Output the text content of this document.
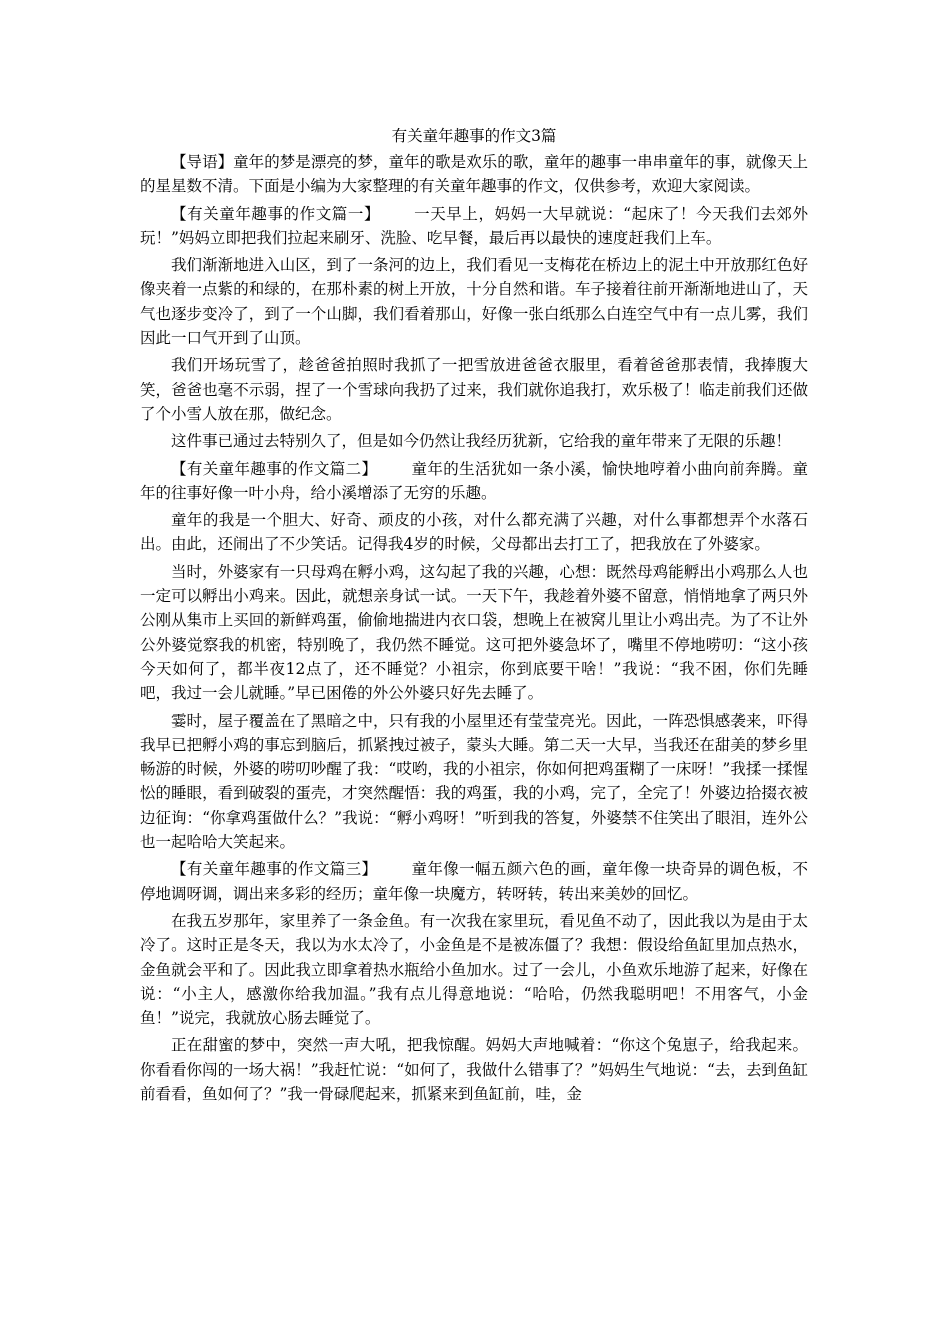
有关童年趣事的作文3篇

【导语】童年的梦是漂亮的梦，童年的歌是欢乐的歌，童年的趣事一串串童年的事，就像天上的星星数不清。下面是小编为大家整理的有关童年趣事的作文，仅供参考，欢迎大家阅读。

【有关童年趣事的作文篇一】 一天早上，妈妈一大早就说：“起床了！今天我们去郊外玩！”妈妈立即把我们拉起来刷牙、洗脸、吃早餐，最后再以最快的速度赶我们上车。

我们渐渐地进入山区，到了一条河的边上，我们看见一支梅花在桥边上的泥土中开放那红色好像夹着一点紫的和绿的，在那朴素的树上开放，十分自然和谐。车子接着往前开渐渐地进山了，天气也逐步变冷了，到了一个山脚，我们看着那山，好像一张白纸那么白连空气中有一点儿雾，我们因此一口气开到了山顶。

我们开场玩雪了，趁爸爸拍照时我抓了一把雪放进爸爸衣服里，看着爸爸那表情，我捧腹大笑，爸爸也毫不示弱，捏了一个雪球向我扔了过来，我们就你追我打，欢乐极了！临走前我们还做了个小雪人放在那，做纪念。

这件事已通过去特别久了，但是如今仍然让我经历犹新，它给我的童年带来了无限的乐趣！

【有关童年趣事的作文篇二】 童年的生活犹如一条小溪，愉快地哼着小曲向前奔腾。童年的往事好像一叶小舟，给小溪增添了无穷的乐趣。

童年的我是一个胆大、好奇、顽皮的小孩，对什么都充满了兴趣，对什么事都想弄个水落石出。由此，还闹出了不少笑话。记得我4岁的时候，父母都出去打工了，把我放在了外婆家。

当时，外婆家有一只母鸡在孵小鸡，这勾起了我的兴趣，心想：既然母鸡能孵出小鸡那么人也一定可以孵出小鸡来。因此，就想亲身试一试。一天下午，我趁着外婆不留意，悄悄地拿了两只外公刚从集市上买回的新鲜鸡蛋，偷偷地揣进内衣口袋，想晚上在被窝儿里让小鸡出壳。为了不让外公外婆觉察我的机密，特别晚了，我仍然不睡觉。这可把外婆急坏了，嘴里不停地唠叨：“这小孩今天如何了，都半夜12点了，还不睡觉？小祖宗，你到底要干啥！”我说：“我不困，你们先睡吧，我过一会儿就睡。”早已困倦的外公外婆只好先去睡了。

霎时，屋子覆盖在了黑暗之中，只有我的小屋里还有莹莹亮光。因此，一阵恐惧感袭来，吓得我早已把孵小鸡的事忘到脑后，抓紧拽过被子，蒙头大睡。第二天一大早，当我还在甜美的梦乡里畅游的时候，外婆的唠叨吵醒了我：“哎哟，我的小祖宗，你如何把鸡蛋糊了一床呀！”我揉一揉惺忪的睡眼，看到破裂的蛋壳，才突然醒悟：我的鸡蛋，我的小鸡，完了，全完了！外婆边拾掇衣被边征询：“你拿鸡蛋做什么？”我说：“孵小鸡呀！”听到我的答复，外婆禁不住笑出了眼泪，连外公也一起哈哈大笑起来。

【有关童年趣事的作文篇三】 童年像一幅五颜六色的画，童年像一块奇异的调色板，不停地调呀调，调出来多彩的经历；童年像一块魔方，转呀转，转出来美妙的回忆。

在我五岁那年，家里养了一条金鱼。有一次我在家里玩，看见鱼不动了，因此我以为是由于太冷了。这时正是冬天，我以为水太冷了，小金鱼是不是被冻僵了？我想：假设给鱼缸里加点热水，金鱼就会平和了。因此我立即拿着热水瓶给小鱼加水。过了一会儿，小鱼欢乐地游了起来，好像在说：“小主人，感激你给我加温。”我有点儿得意地说：“哈哈，仍然我聪明吧！不用客气，小金鱼！”说完，我就放心肠去睡觉了。

正在甜蜜的梦中，突然一声大吼，把我惊醒。妈妈大声地喊着：“你这个兔崽子，给我起来。你看看你闯的一场大祸！”我赶忙说：“如何了，我做什么错事了？”妈妈生气地说：“去，去到鱼缸前看看，鱼如何了？”我一骨碌爬起来，抓紧来到鱼缸前，哇，金
